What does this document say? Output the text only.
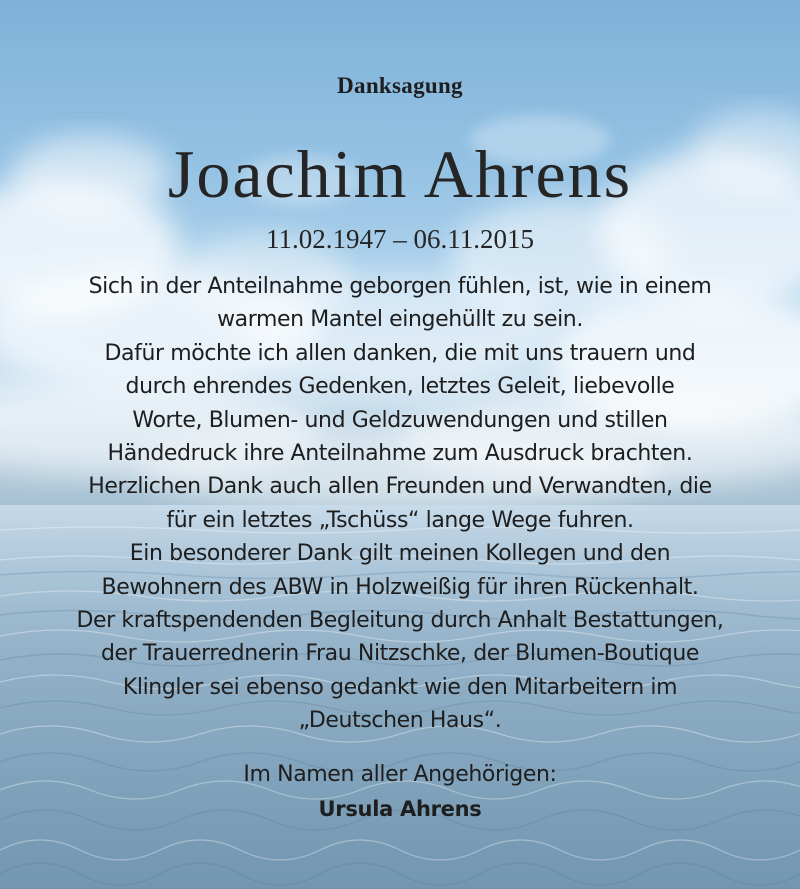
Danksagung
Joachim Ahrens
11.02.1947 – 06.11.2015
Sich in der Anteilnahme geborgen fühlen, ist, wie in einem
warmen Mantel eingehüllt zu sein.
Dafür möchte ich allen danken, die mit uns trauern und
durch ehrendes Gedenken, letztes Geleit, liebevolle
Worte, Blumen- und Geldzuwendungen und stillen
Händedruck ihre Anteilnahme zum Ausdruck brachten.
Herzlichen Dank auch allen Freunden und Verwandten, die
für ein letztes „Tschüss“ lange Wege fuhren.
Ein besonderer Dank gilt meinen Kollegen und den
Bewohnern des ABW in Holzweißig für ihren Rückenhalt.
Der kraftspendenden Begleitung durch Anhalt Bestattungen,
der Trauerrednerin Frau Nitzschke, der Blumen-Boutique
Klingler sei ebenso gedankt wie den Mitarbeitern im
„Deutschen Haus“.
Im Namen aller Angehörigen:
Ursula Ahrens
